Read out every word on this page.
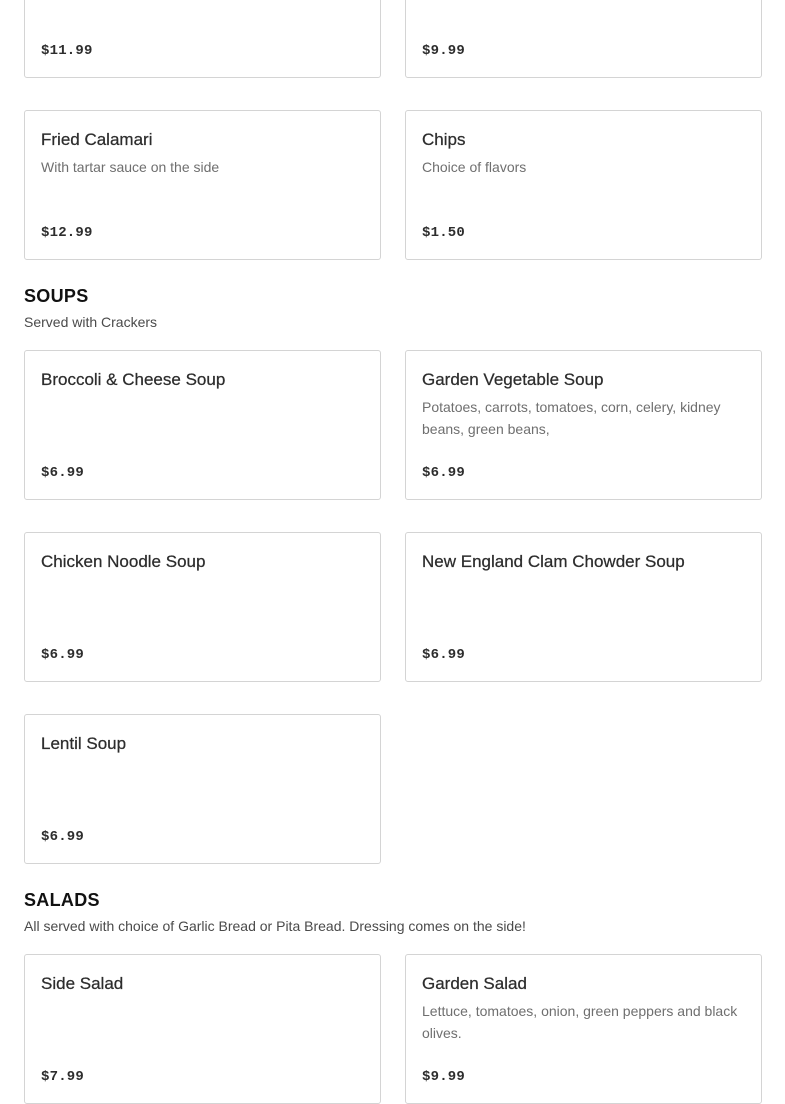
$11.99	$9.99
Fried Calamari
With tartar sauce on the side
$12.99
Chips
Choice of flavors
$1.50
SOUPS
Served with Crackers
Broccoli & Cheese Soup
$6.99
Garden Vegetable Soup
Potatoes, carrots, tomatoes, corn, celery, kidney beans, green beans,
$6.99
Chicken Noodle Soup
$6.99
New England Clam Chowder Soup
$6.99
Lentil Soup
$6.99
SALADS
All served with choice of Garlic Bread or Pita Bread. Dressing comes on the side!
Side Salad
$7.99
Garden Salad
Lettuce, tomatoes, onion, green peppers and black olives.
$9.99
